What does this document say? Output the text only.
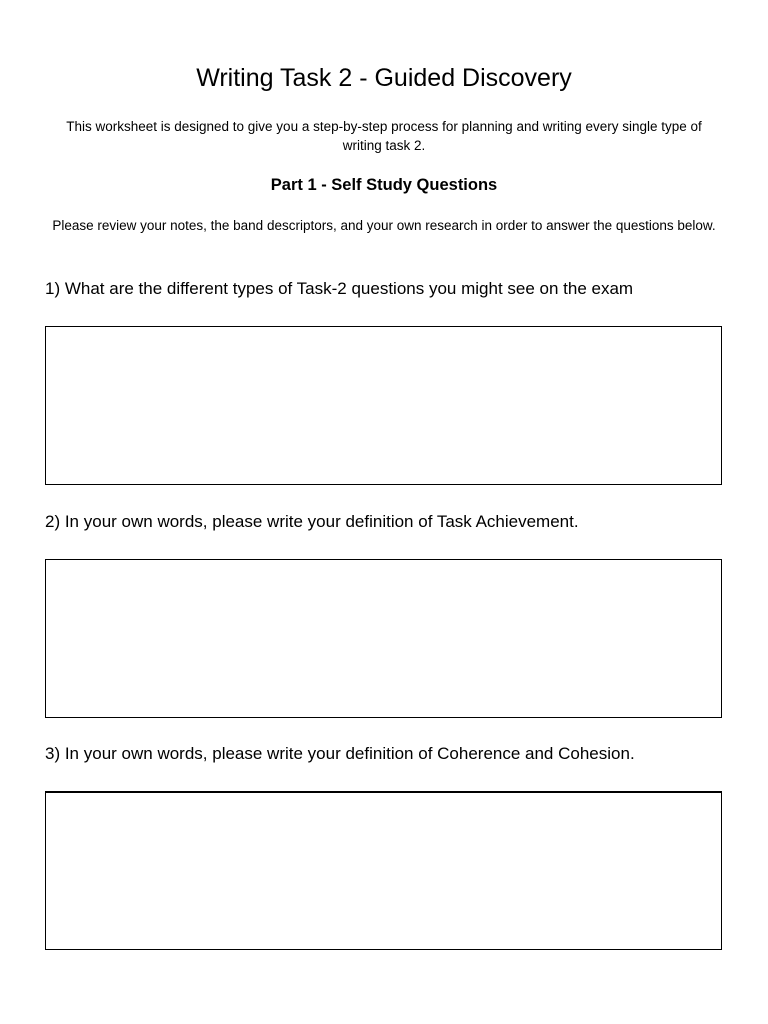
Writing Task 2 - Guided Discovery

This worksheet is designed to give you a step-by-step process for planning and writing every single type of writing task 2.

Part 1 - Self Study Questions

Please review your notes, the band descriptors, and your own research in order to answer the questions below.

1) What are the different types of Task-2 questions you might see on the exam

2) In your own words, please write your definition of Task Achievement.

3) In your own words, please write your definition of Coherence and Cohesion.
